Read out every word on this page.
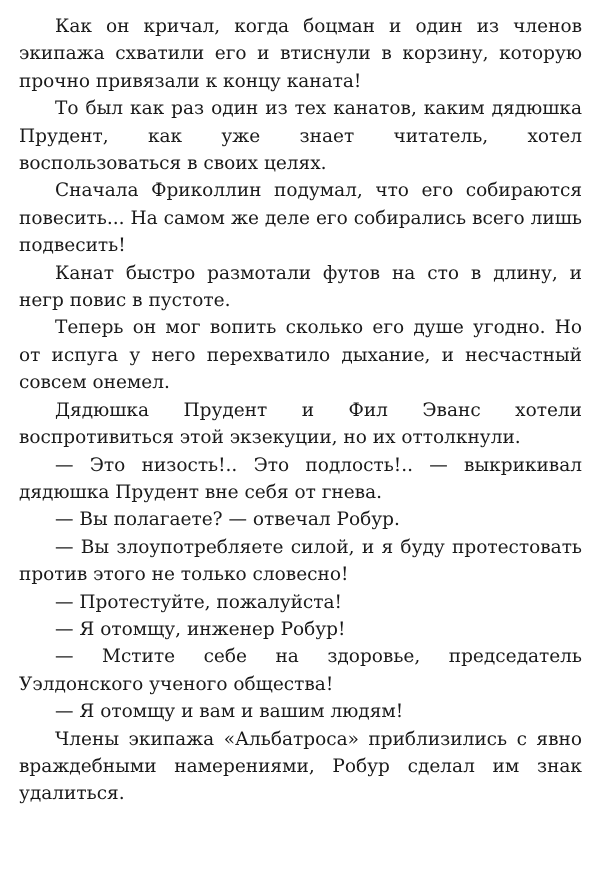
Как он кричал, когда боцман и один из членов экипажа схватили его и втиснули в корзину, которую прочно привязали к концу каната!

То был как раз один из тех канатов, каким дядюшка Прудент, как уже знает читатель, хотел воспользоваться в своих целях.

Сначала Фриколлин подумал, что его собираются повесить... На самом же деле его собирались всего лишь подвесить!

Канат быстро размотали футов на сто в длину, и негр повис в пустоте.

Теперь он мог вопить сколько его душе угодно. Но от испуга у него перехватило дыхание, и несчастный совсем онемел.

Дядюшка Прудент и Фил Эванс хотели воспротивиться этой экзекуции, но их оттолкнули.

— Это низость!.. Это подлость!.. — выкрикивал дядюшка Прудент вне себя от гнева.

— Вы полагаете? — отвечал Робур.

— Вы злоупотребляете силой, и я буду протестовать против этого не только словесно!

— Протестуйте, пожалуйста!

— Я отомщу, инженер Робур!

— Мстите себе на здоровье, председатель Уэлдонского ученого общества!

— Я отомщу и вам и вашим людям!

Члены экипажа «Альбатроса» приблизились с явно враждебными намерениями, Робур сделал им знак удалиться.
